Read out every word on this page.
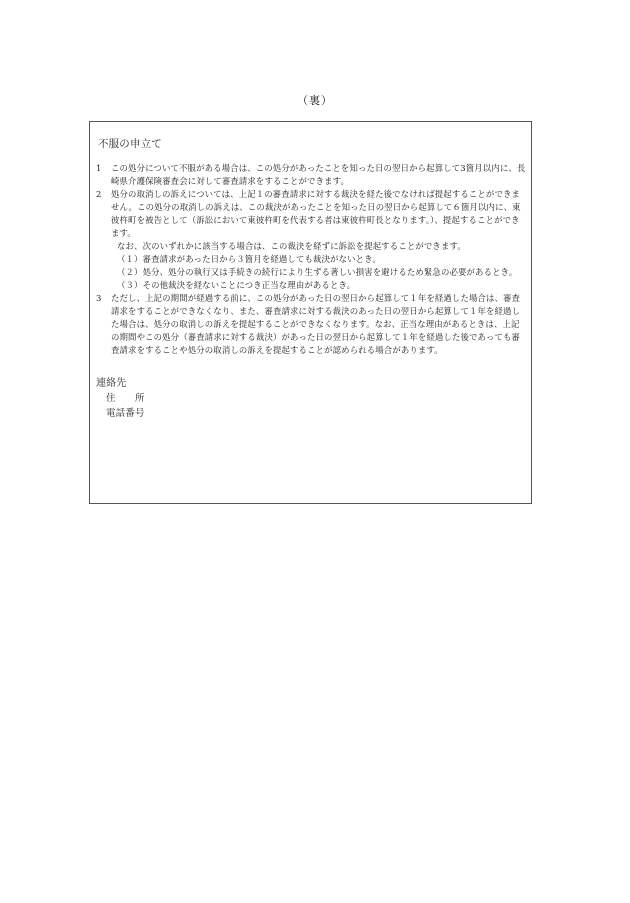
（裏）
不服の申立て
1 この処分について不服がある場合は、この処分があったことを知った日の翌日から起算して3箇月以内に、長崎県介護保険審査会に対して審査請求をすることができます。
2 処分の取消しの訴えについては、上記１の審査請求に対する裁決を経た後でなければ提起することができません。この処分の取消しの訴えは、この裁決があったことを知った日の翌日から起算して６箇月以内に、東彼杵町を被告として（訴訟において東彼杵町を代表する者は東彼杵町長となります。）、提起することができます。
なお、次のいずれかに該当する場合は、この裁決を経ずに訴訟を提起することができます。
（１）審査請求があった日から３箇月を経過しても裁決がないとき。
（２）処分、処分の執行又は手続きの続行により生ずる著しい損害を避けるため緊急の必要があるとき。
（３）その他裁決を経ないことにつき正当な理由があるとき。
3 ただし、上記の期間が経過する前に、この処分があった日の翌日から起算して１年を経過した場合は、審査請求をすることができなくなり、また、審査請求に対する裁決のあった日の翌日から起算して１年を経過した場合は、処分の取消しの訴えを提起することができなくなります。なお、正当な理由があるときは、上記の期間やこの処分（審査請求に対する裁決）があった日の翌日から起算して１年を経過した後であっても審査請求をすることや処分の取消しの訴えを提起することが認められる場合があります。
連絡先
住　　所
電話番号
